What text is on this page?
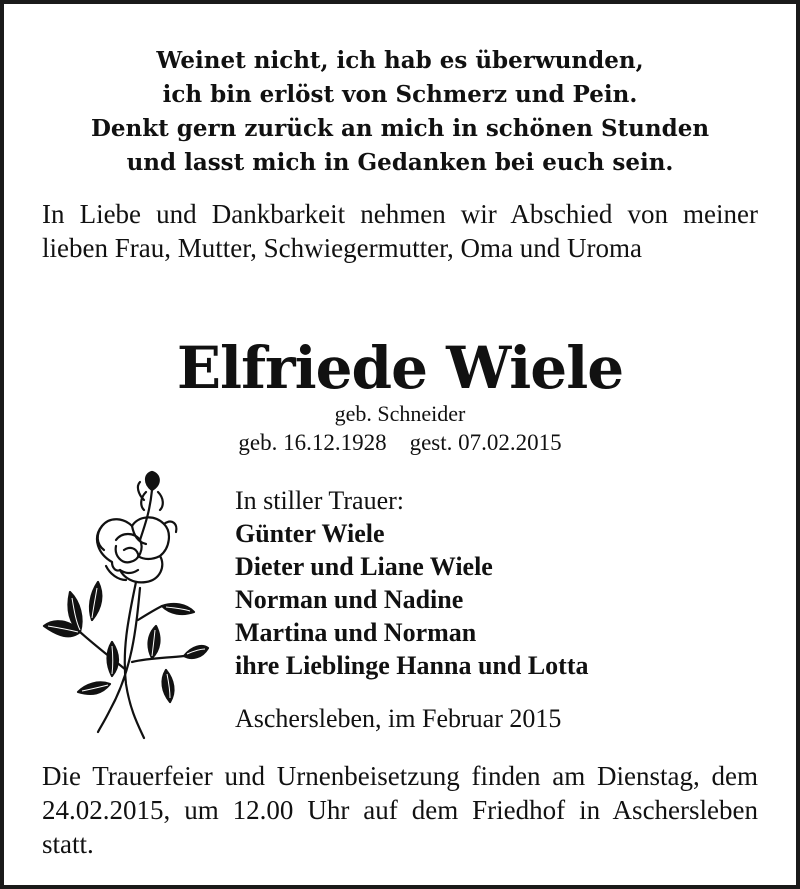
Weinet nicht, ich hab es überwunden,
ich bin erlöst von Schmerz und Pein.
Denkt gern zurück an mich in schönen Stunden
und lasst mich in Gedanken bei euch sein.
In Liebe und Dankbarkeit nehmen wir Abschied von meiner lieben Frau, Mutter, Schwiegermutter, Oma und Uroma
Elfriede Wiele
geb. Schneider
geb. 16.12.1928 gest. 07.02.2015
In stiller Trauer:
Günter Wiele
Dieter und Liane Wiele
Norman und Nadine
Martina und Norman
ihre Lieblinge Hanna und Lotta
Aschersleben, im Februar 2015
Die Trauerfeier und Urnenbeisetzung finden am Dienstag, dem 24.02.2015, um 12.00 Uhr auf dem Friedhof in Aschersleben statt.
